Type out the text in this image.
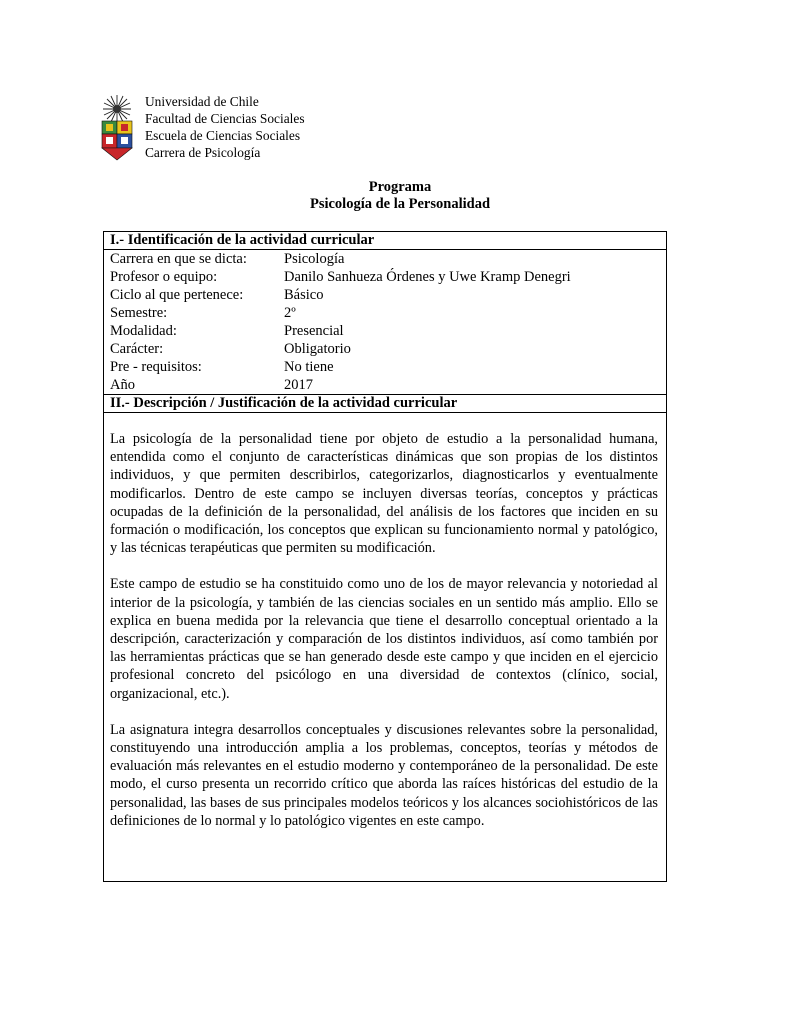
Universidad de Chile
Facultad de Ciencias Sociales
Escuela de Ciencias Sociales
Carrera de Psicología
Programa
Psicología de la Personalidad
I.- Identificación de la actividad curricular
Carrera en que se dicta:	Psicología
Profesor o equipo:	Danilo Sanhueza Órdenes y Uwe Kramp Denegri
Ciclo al que pertenece:	Básico
Semestre:	2º
Modalidad:	Presencial
Carácter:	Obligatorio
Pre - requisitos:	No tiene
Año	2017
II.- Descripción / Justificación de la actividad curricular

La psicología de la personalidad tiene por objeto de estudio a la personalidad humana, entendida como el conjunto de características dinámicas que son propias de los distintos individuos, y que permiten describirlos, categorizarlos, diagnosticarlos y eventualmente modificarlos. Dentro de este campo se incluyen diversas teorías, conceptos y prácticas ocupadas de la definición de la personalidad, del análisis de los factores que inciden en su formación o modificación, los conceptos que explican su funcionamiento normal y patológico, y las técnicas terapéuticas que permiten su modificación.

Este campo de estudio se ha constituido como uno de los de mayor relevancia y notoriedad al interior de la psicología, y también de las ciencias sociales en un sentido más amplio. Ello se explica en buena medida por la relevancia que tiene el desarrollo conceptual orientado a la descripción, caracterización y comparación de los distintos individuos, así como también por las herramientas prácticas que se han generado desde este campo y que inciden en el ejercicio profesional concreto del psicólogo en una diversidad de contextos (clínico, social, organizacional, etc.).

La asignatura integra desarrollos conceptuales y discusiones relevantes sobre la personalidad, constituyendo una introducción amplia a los problemas, conceptos, teorías y métodos de evaluación más relevantes en el estudio moderno y contemporáneo de la personalidad. De este modo, el curso presenta un recorrido crítico que aborda las raíces históricas del estudio de la personalidad, las bases de sus principales modelos teóricos y los alcances sociohistóricos de las definiciones de lo normal y lo patológico vigentes en este campo.
